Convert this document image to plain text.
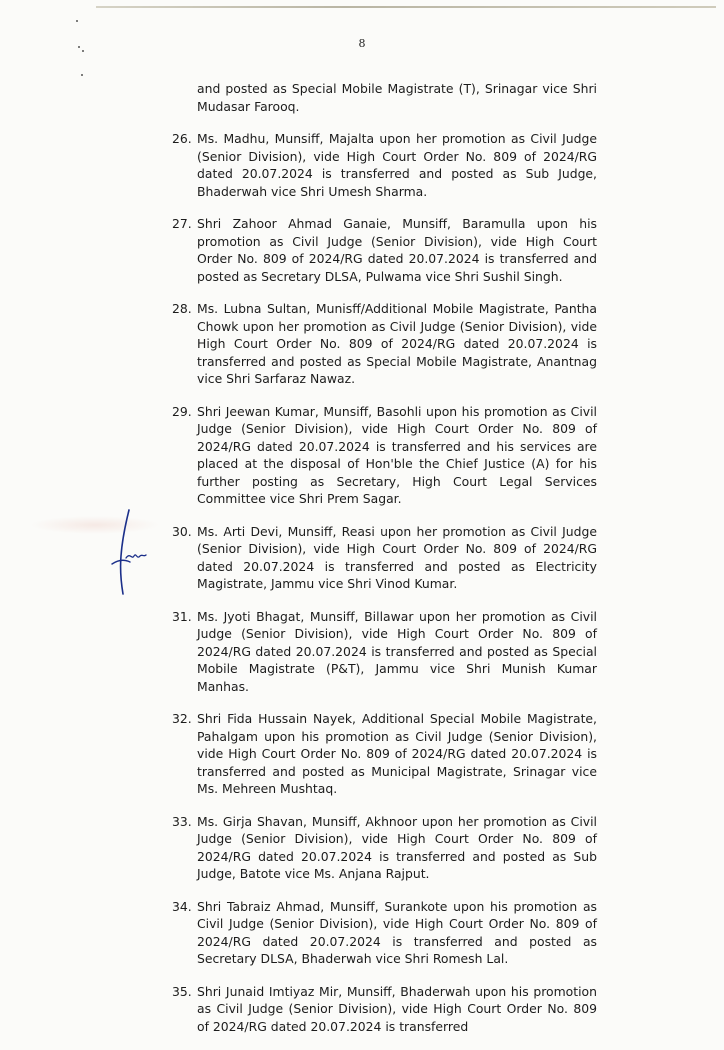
8

and posted as Special Mobile Magistrate (T), Srinagar vice Shri Mudasar Farooq.

26. Ms. Madhu, Munsiff, Majalta upon her promotion as Civil Judge (Senior Division), vide High Court Order No. 809 of 2024/RG dated 20.07.2024 is transferred and posted as Sub Judge, Bhaderwah vice Shri Umesh Sharma.
27. Shri Zahoor Ahmad Ganaie, Munsiff, Baramulla upon his promotion as Civil Judge (Senior Division), vide High Court Order No. 809 of 2024/RG dated 20.07.2024 is transferred and posted as Secretary DLSA, Pulwama vice Shri Sushil Singh.
28. Ms. Lubna Sultan, Munisff/Additional Mobile Magistrate, Pantha Chowk upon her promotion as Civil Judge (Senior Division), vide High Court Order No. 809 of 2024/RG dated 20.07.2024 is transferred and posted as Special Mobile Magistrate, Anantnag vice Shri Sarfaraz Nawaz.
29. Shri Jeewan Kumar, Munsiff, Basohli upon his promotion as Civil Judge (Senior Division), vide High Court Order No. 809 of 2024/RG dated 20.07.2024 is transferred and his services are placed at the disposal of Hon'ble the Chief Justice (A) for his further posting as Secretary, High Court Legal Services Committee vice Shri Prem Sagar.
30. Ms. Arti Devi, Munsiff, Reasi upon her promotion as Civil Judge (Senior Division), vide High Court Order No. 809 of 2024/RG dated 20.07.2024 is transferred and posted as Electricity Magistrate, Jammu vice Shri Vinod Kumar.
31. Ms. Jyoti Bhagat, Munsiff, Billawar upon her promotion as Civil Judge (Senior Division), vide High Court Order No. 809 of 2024/RG dated 20.07.2024 is transferred and posted as Special Mobile Magistrate (P&T), Jammu vice Shri Munish Kumar Manhas.
32. Shri Fida Hussain Nayek, Additional Special Mobile Magistrate, Pahalgam upon his promotion as Civil Judge (Senior Division), vide High Court Order No. 809 of 2024/RG dated 20.07.2024 is transferred and posted as Municipal Magistrate, Srinagar vice Ms. Mehreen Mushtaq.
33. Ms. Girja Shavan, Munsiff, Akhnoor upon her promotion as Civil Judge (Senior Division), vide High Court Order No. 809 of 2024/RG dated 20.07.2024 is transferred and posted as Sub Judge, Batote vice Ms. Anjana Rajput.
34. Shri Tabraiz Ahmad, Munsiff, Surankote upon his promotion as Civil Judge (Senior Division), vide High Court Order No. 809 of 2024/RG dated 20.07.2024 is transferred and posted as Secretary DLSA, Bhaderwah vice Shri Romesh Lal.
35. Shri Junaid Imtiyaz Mir, Munsiff, Bhaderwah upon his promotion as Civil Judge (Senior Division), vide High Court Order No. 809 of 2024/RG dated 20.07.2024 is transferred
